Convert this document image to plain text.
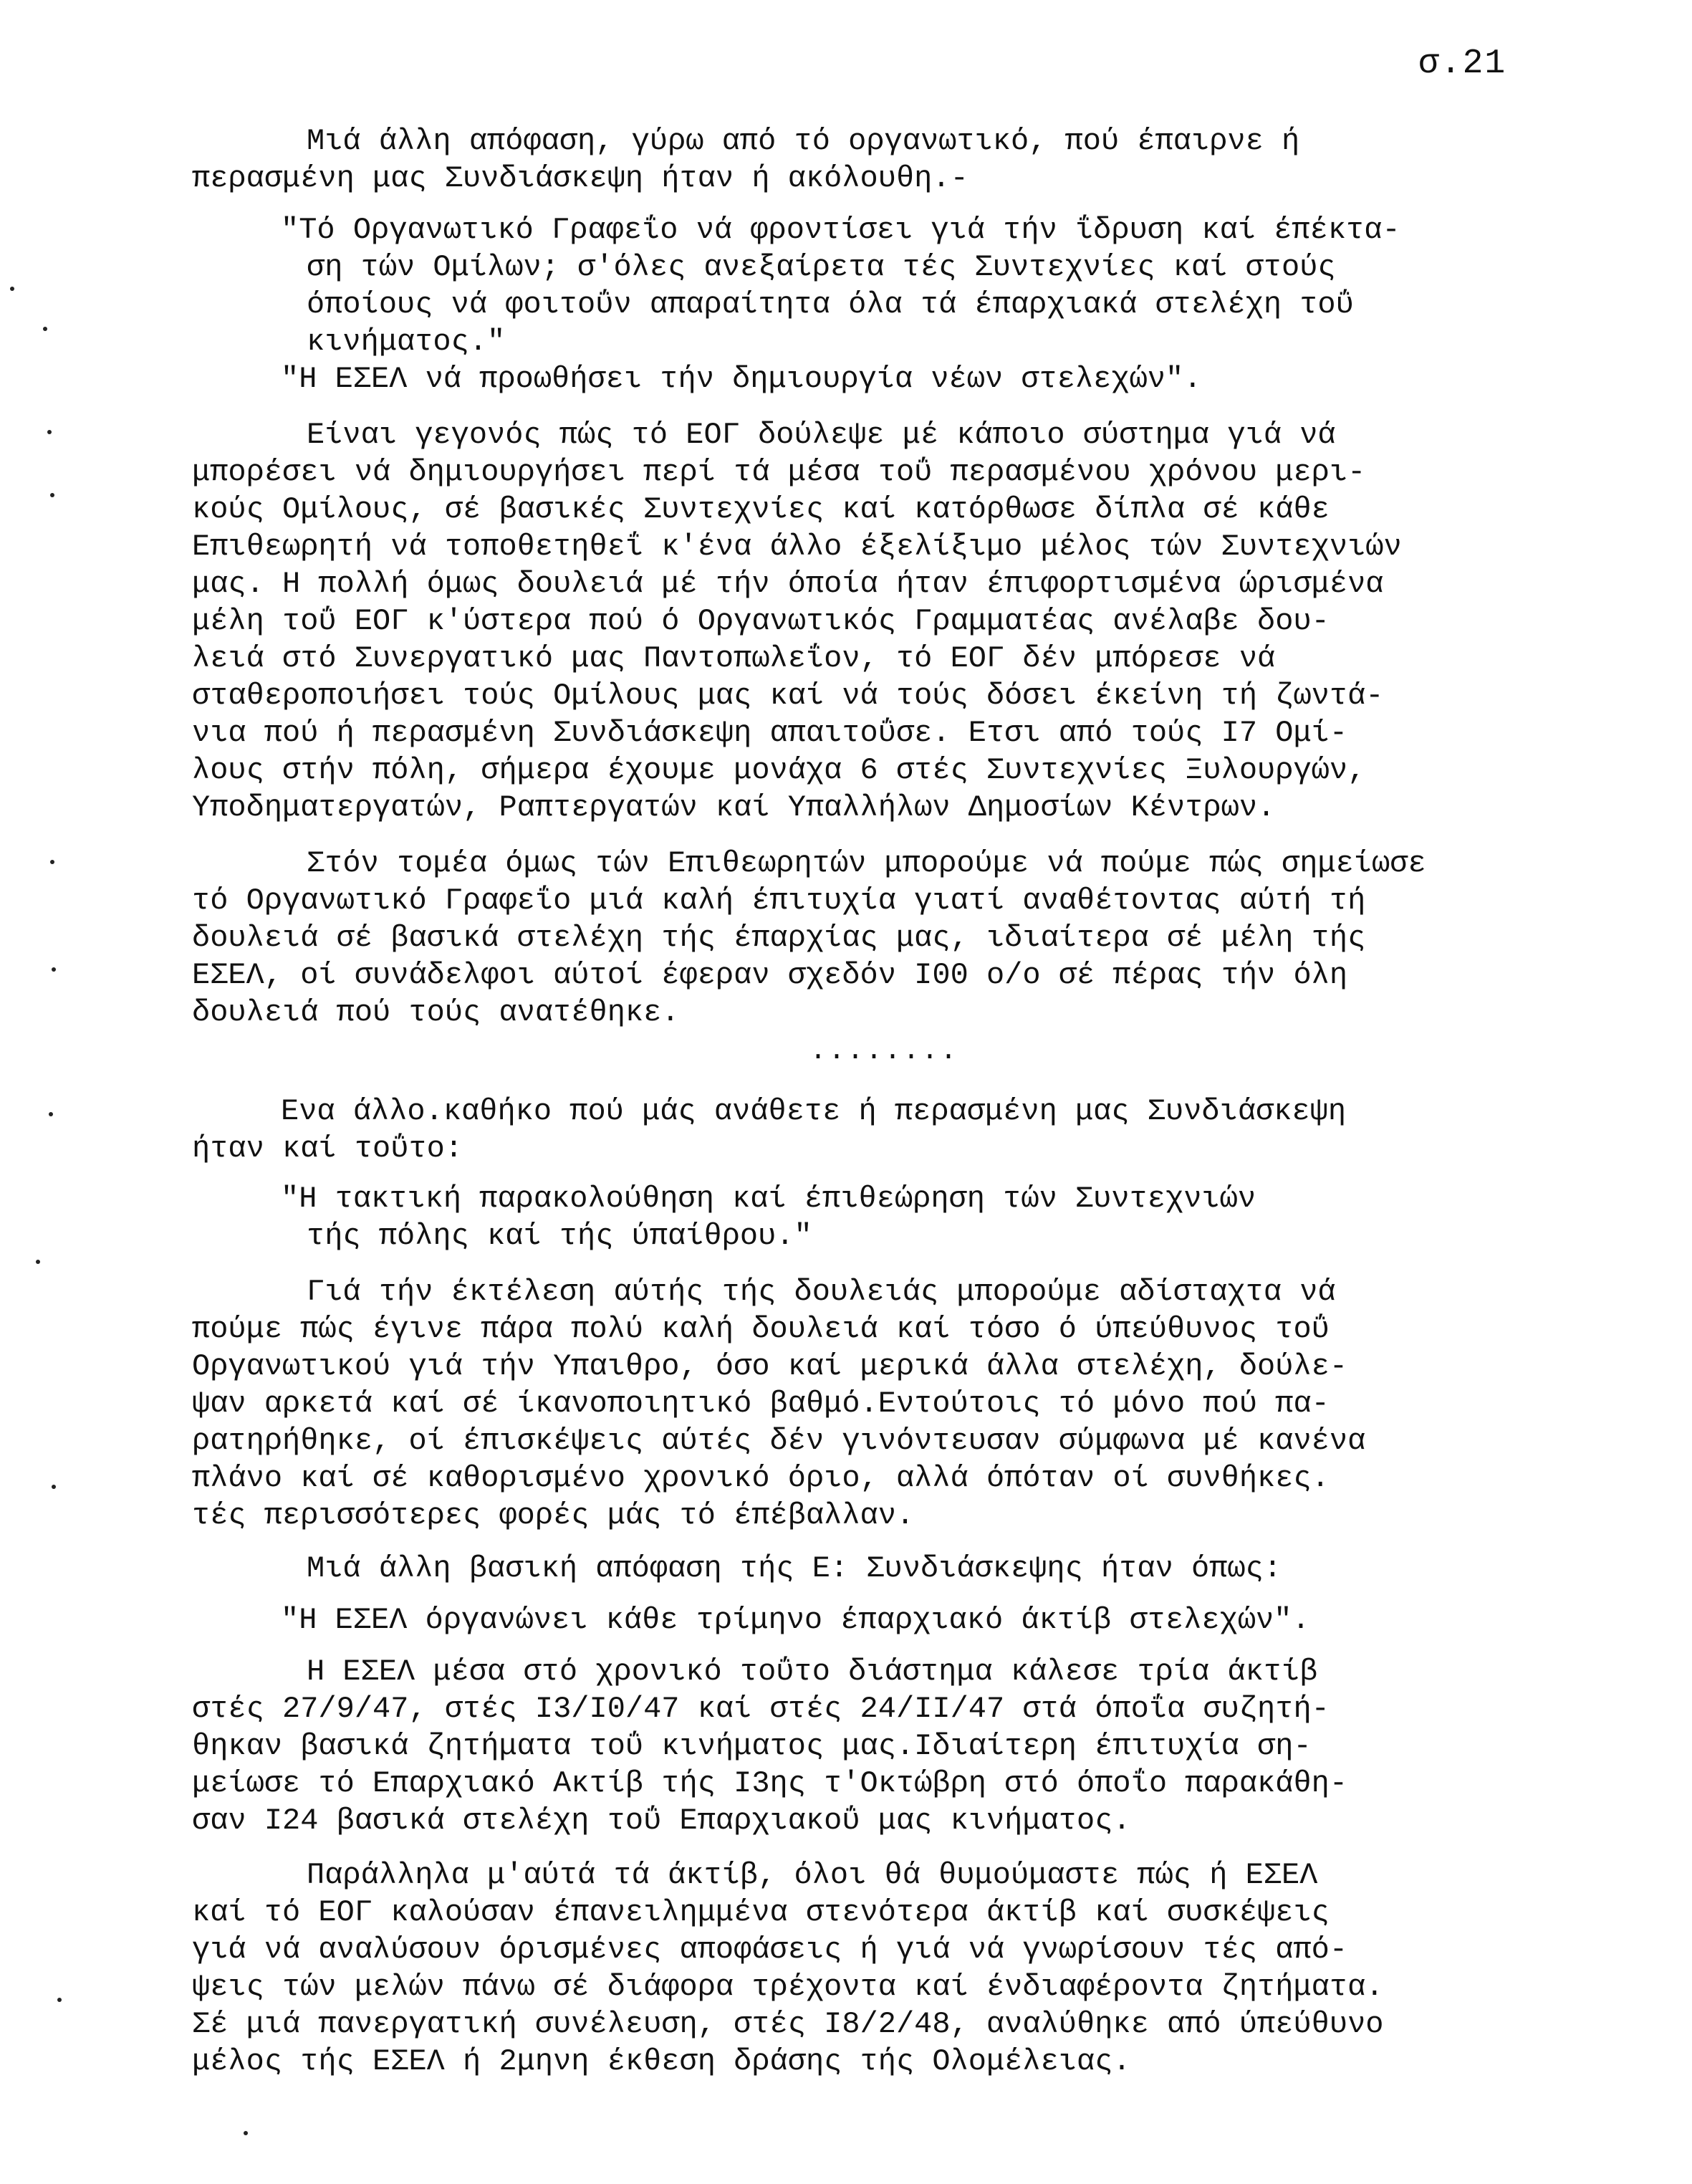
σ.21

Μιά άλλη απόφαση, γύρω από τό οργανωτικό, πού έπαιρνε ή

περασμένη μας Συνδιάσκεψη ήταν ή ακόλουθη.-

"Τό Οργανωτικό Γραφεΐο νά φροντίσει γιά τήν ΐδρυση καί έπέκτα-

ση τών Ομίλων; σ'όλες ανεξαίρετα τές Συντεχνίες καί στούς

όποίους νά φοιτοΰν απαραίτητα όλα τά έπαρχιακά στελέχη τοΰ

κινήματος."

"Η ΕΣΕΛ νά προωθήσει τήν δημιουργία νέων στελεχών".

Είναι γεγονός πώς τό ΕΟΓ δούλεψε μέ κάποιο σύστημα γιά νά

μπορέσει νά δημιουργήσει περί τά μέσα τοΰ περασμένου χρόνου μερι-

κούς Ομίλους, σέ βασικές Συντεχνίες καί κατόρθωσε δίπλα σέ κάθε

Επιθεωρητή νά τοποθετηθεΐ κ'ένα άλλο έξελίξιμο μέλος τών Συντεχνιών

μας. Η πολλή όμως δουλειά μέ τήν όποία ήταν έπιφορτισμένα ώρισμένα

μέλη τοΰ ΕΟΓ κ'ύστερα πού ό Οργανωτικός Γραμματέας ανέλαβε δου-

λειά στό Συνεργατικό μας Παντοπωλεΐον, τό ΕΟΓ δέν μπόρεσε νά

σταθεροποιήσει τούς Ομίλους μας καί νά τούς δόσει έκείνη τή ζωντά-

νια πού ή περασμένη Συνδιάσκεψη απαιτοΰσε. Ετσι από τούς Ι7 Ομί-

λους στήν πόλη, σήμερα έχουμε μονάχα 6 στές Συντεχνίες Ξυλουργών,

Υποδηματεργατών, Ραπτεργατών καί Υπαλλήλων Δημοσίων Κέντρων.

Στόν τομέα όμως τών Επιθεωρητών μπορούμε νά πούμε πώς σημείωσε

τό Οργανωτικό Γραφεΐο μιά καλή έπιτυχία γιατί αναθέτοντας αύτή τή

δουλειά σέ βασικά στελέχη τής έπαρχίας μας, ιδιαίτερα σέ μέλη τής

ΕΣΕΛ, οί συνάδελφοι αύτοί έφεραν σχεδόν Ι00 ο/ο σέ πέρας τήν όλη

δουλειά πού τούς ανατέθηκε.

........

Ενα άλλο.καθήκο πού μάς ανάθετε ή περασμένη μας Συνδιάσκεψη

ήταν καί τοΰτο:

"Η τακτική παρακολούθηση καί έπιθεώρηση τών Συντεχνιών

τής πόλης καί τής ύπαίθρου."

Γιά τήν έκτέλεση αύτής τής δουλειάς μπορούμε αδίσταχτα νά

πούμε πώς έγινε πάρα πολύ καλή δουλειά καί τόσο ό ύπεύθυνος τοΰ

Οργανωτικού γιά τήν Υπαιθρο, όσο καί μερικά άλλα στελέχη, δούλε-

ψαν αρκετά καί σέ ίκανοποιητικό βαθμό.Εντούτοις τό μόνο πού πα-

ρατηρήθηκε, οί έπισκέψεις αύτές δέν γινόντευσαν σύμφωνα μέ κανένα

πλάνο καί σέ καθορισμένο χρονικό όριο, αλλά όπόταν οί συνθήκες.

τές περισσότερες φορές μάς τό έπέβαλλαν.

Μιά άλλη βασική απόφαση τής Ε: Συνδιάσκεψης ήταν όπως:

"Η ΕΣΕΛ όργανώνει κάθε τρίμηνο έπαρχιακό άκτίβ στελεχών".

Η ΕΣΕΛ μέσα στό χρονικό τοΰτο διάστημα κάλεσε τρία άκτίβ

στές 27/9/47, στές Ι3/Ι0/47 καί στές 24/ΙΙ/47 στά όποΐα συζητή-

θηκαν βασικά ζητήματα τοΰ κινήματος μας.Ιδιαίτερη έπιτυχία ση-

μείωσε τό Επαρχιακό Ακτίβ τής Ι3ης τ'Οκτώβρη στό όποΐο παρακάθη-

σαν Ι24 βασικά στελέχη τοΰ Επαρχιακοΰ μας κινήματος.

Παράλληλα μ'αύτά τά άκτίβ, όλοι θά θυμούμαστε πώς ή ΕΣΕΛ

καί τό ΕΟΓ καλούσαν έπανειλημμένα στενότερα άκτίβ καί συσκέψεις

γιά νά αναλύσουν όρισμένες αποφάσεις ή γιά νά γνωρίσουν τές από-

ψεις τών μελών πάνω σέ διάφορα τρέχοντα καί ένδιαφέροντα ζητήματα.

Σέ μιά πανεργατική συνέλευση, στές Ι8/2/48, αναλύθηκε από ύπεύθυνο

μέλος τής ΕΣΕΛ ή 2μηνη έκθεση δράσης τής Ολομέλειας.
